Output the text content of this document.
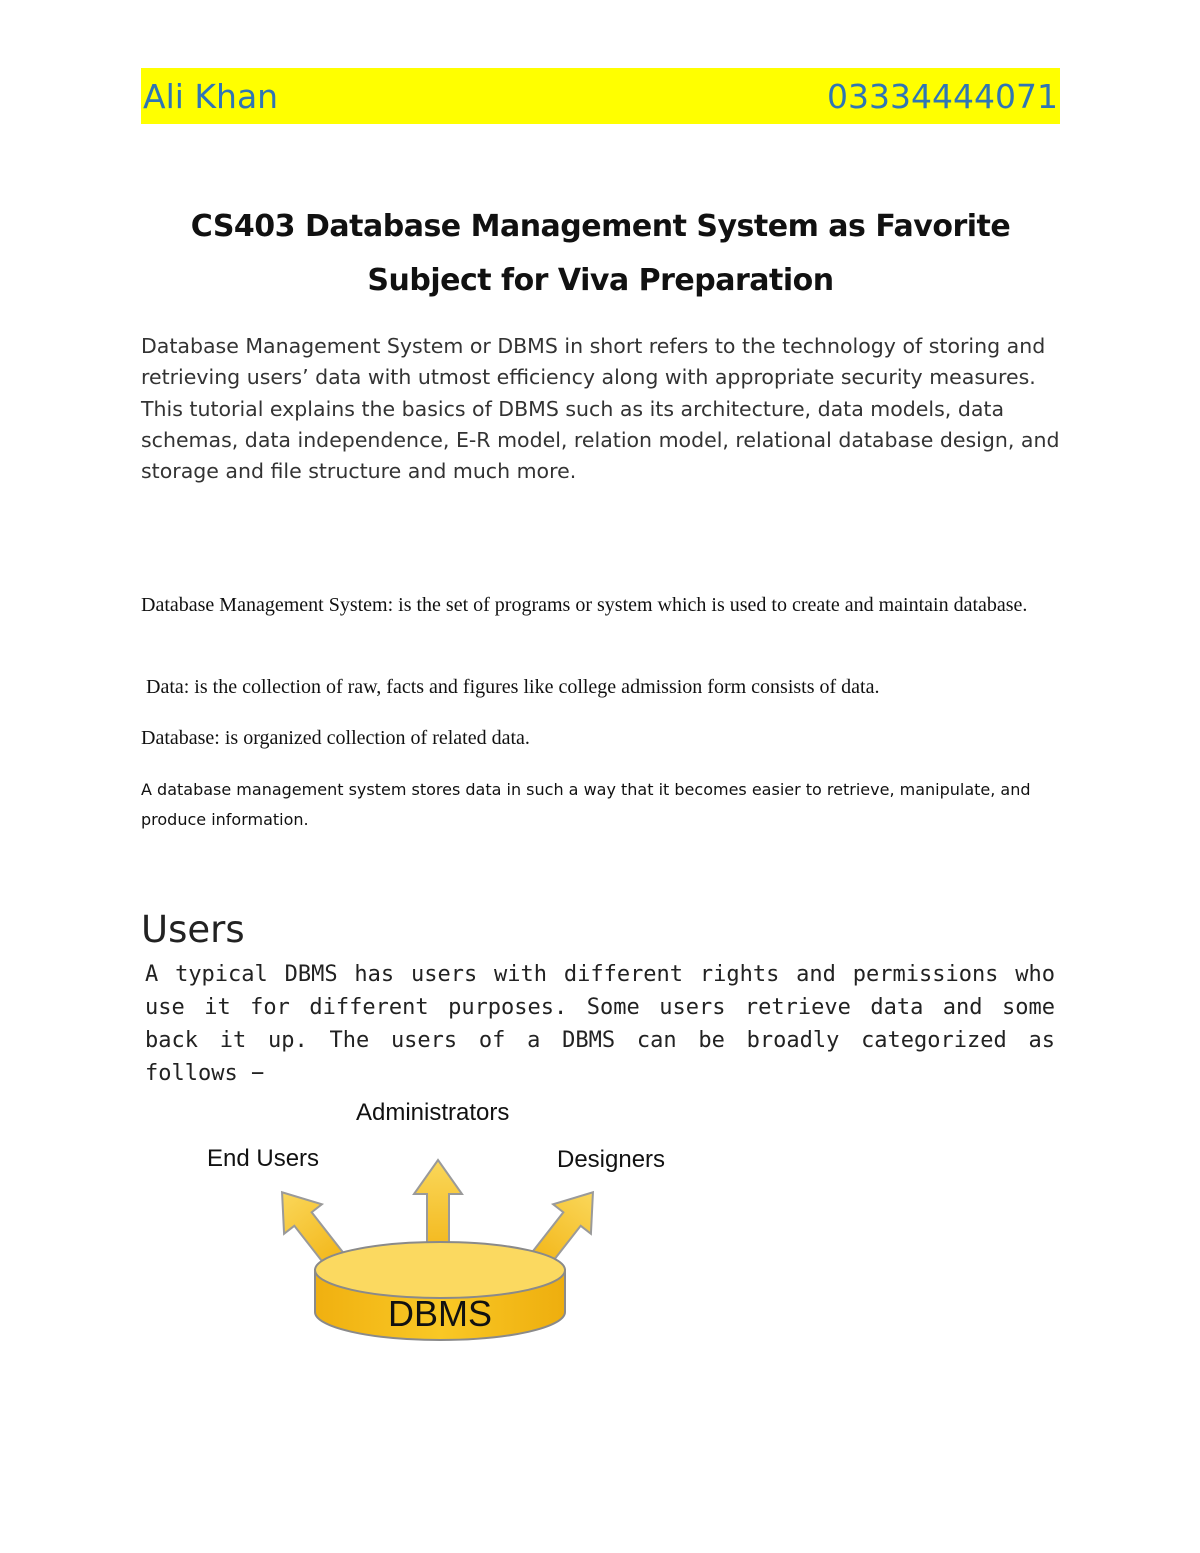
Ali Khan	03334444071
CS403 Database Management System as Favorite
Subject for Viva Preparation
Database Management System or DBMS in short refers to the technology of storing and retrieving users’ data with utmost efficiency along with appropriate security measures. This tutorial explains the basics of DBMS such as its architecture, data models, data schemas, data independence, E-R model, relation model, relational database design, and storage and file structure and much more.
Database Management System: is the set of programs or system which is used to create and maintain database.
Data: is the collection of raw, facts and figures like college admission form consists of data.
Database: is organized collection of related data.
A database management system stores data in such a way that it becomes easier to retrieve, manipulate, and produce information.
Users
A typical DBMS has users with different rights and permissions who use it for different purposes. Some users retrieve data and some back it up. The users of a DBMS can be broadly categorized as follows −
DBMS
End Users
Administrators
Designers
